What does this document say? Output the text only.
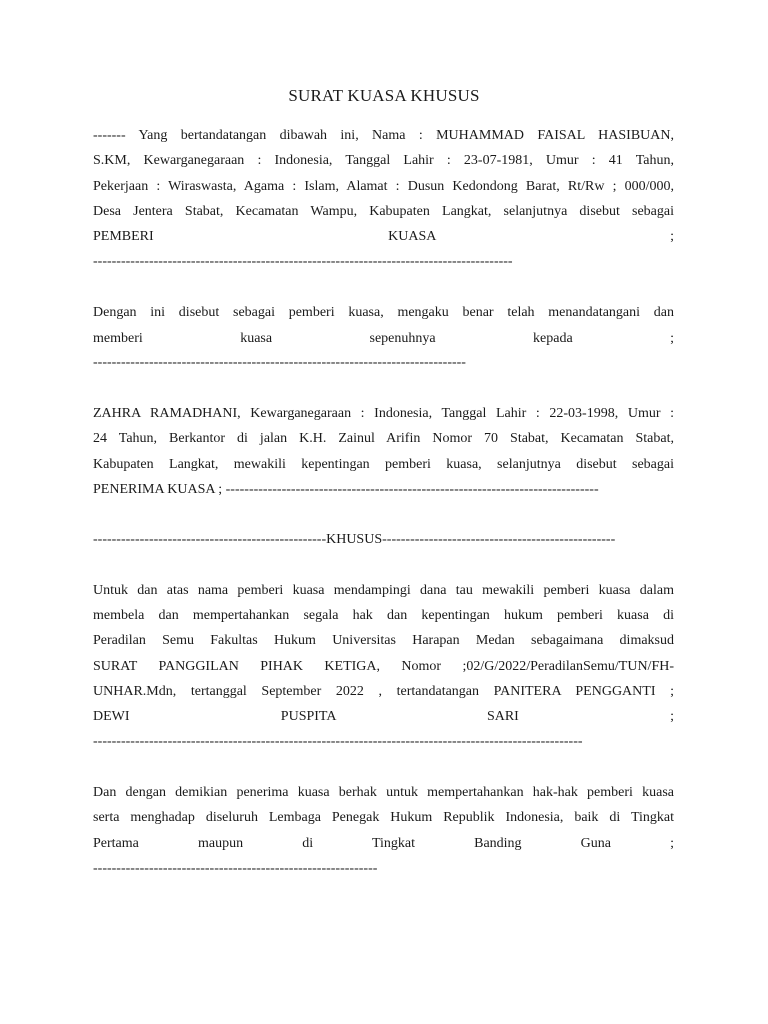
SURAT KUASA KHUSUS
------- Yang bertandatangan dibawah ini, Nama : MUHAMMAD FAISAL HASIBUAN,
S.KM, Kewarganegaraan : Indonesia, Tanggal Lahir : 23-07-1981, Umur : 41 Tahun,
Pekerjaan : Wiraswasta, Agama : Islam, Alamat : Dusun Kedondong Barat, Rt/Rw ; 000/000,
Desa Jentera Stabat, Kecamatan Wampu, Kabupaten Langkat, selanjutnya disebut sebagai
PEMBERI KUASA ;
------------------------------------------------------------------------------------------
Dengan ini disebut sebagai pemberi kuasa, mengaku benar telah menandatangani dan
memberi kuasa sepenuhnya kepada ;
--------------------------------------------------------------------------------
ZAHRA RAMADHANI, Kewarganegaraan : Indonesia, Tanggal Lahir : 22-03-1998, Umur :
24 Tahun, Berkantor di jalan K.H. Zainul Arifin Nomor 70 Stabat, Kecamatan Stabat,
Kabupaten Langkat, mewakili kepentingan pemberi kuasa, selanjutnya disebut sebagai
PENERIMA KUASA ; --------------------------------------------------------------------------------
--------------------------------------------------KHUSUS--------------------------------------------------
Untuk dan atas nama pemberi kuasa mendampingi dana tau mewakili pemberi kuasa dalam
membela dan mempertahankan segala hak dan kepentingan hukum pemberi kuasa di
Peradilan Semu Fakultas Hukum Universitas Harapan Medan sebagaimana dimaksud
SURAT PANGGILAN PIHAK KETIGA, Nomor ;02/G/2022/PeradilanSemu/TUN/FH-
UNHAR.Mdn, tertanggal September 2022 , tertandatangan PANITERA PENGGANTI ;
DEWI PUSPITA SARI ;
---------------------------------------------------------------------------------------------------------
Dan dengan demikian penerima kuasa berhak untuk mempertahankan hak-hak pemberi kuasa
serta menghadap diseluruh Lembaga Penegak Hukum Republik Indonesia, baik di Tingkat
Pertama maupun di Tingkat Banding Guna ;
-------------------------------------------------------------
